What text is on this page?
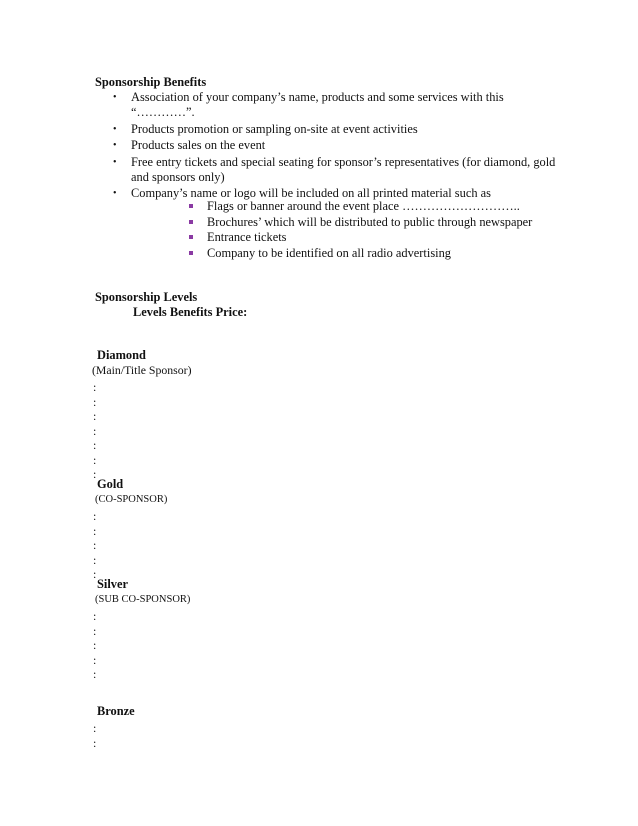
Sponsorship Benefits
• Association of your company’s name, products and some services with this “…………”.
• Products promotion or sampling on-site at event activities
• Products sales on the event
• Free entry tickets and special seating for sponsor’s representatives (for diamond, gold and sponsors only)
• Company’s name or logo will be included on all printed material such as
Flags or banner around the event place ………………………..
Brochures’ which will be distributed to public through newspaper
Entrance tickets
Company to be identified on all radio advertising
Sponsorship Levels
Levels Benefits Price:
Diamond
(Main/Title Sponsor)
:
:
:
:
:
:
:
Gold
(CO-SPONSOR)
:
:
:
:
:
Silver
(SUB CO-SPONSOR)
:
:
:
:
:
Bronze
:
:
